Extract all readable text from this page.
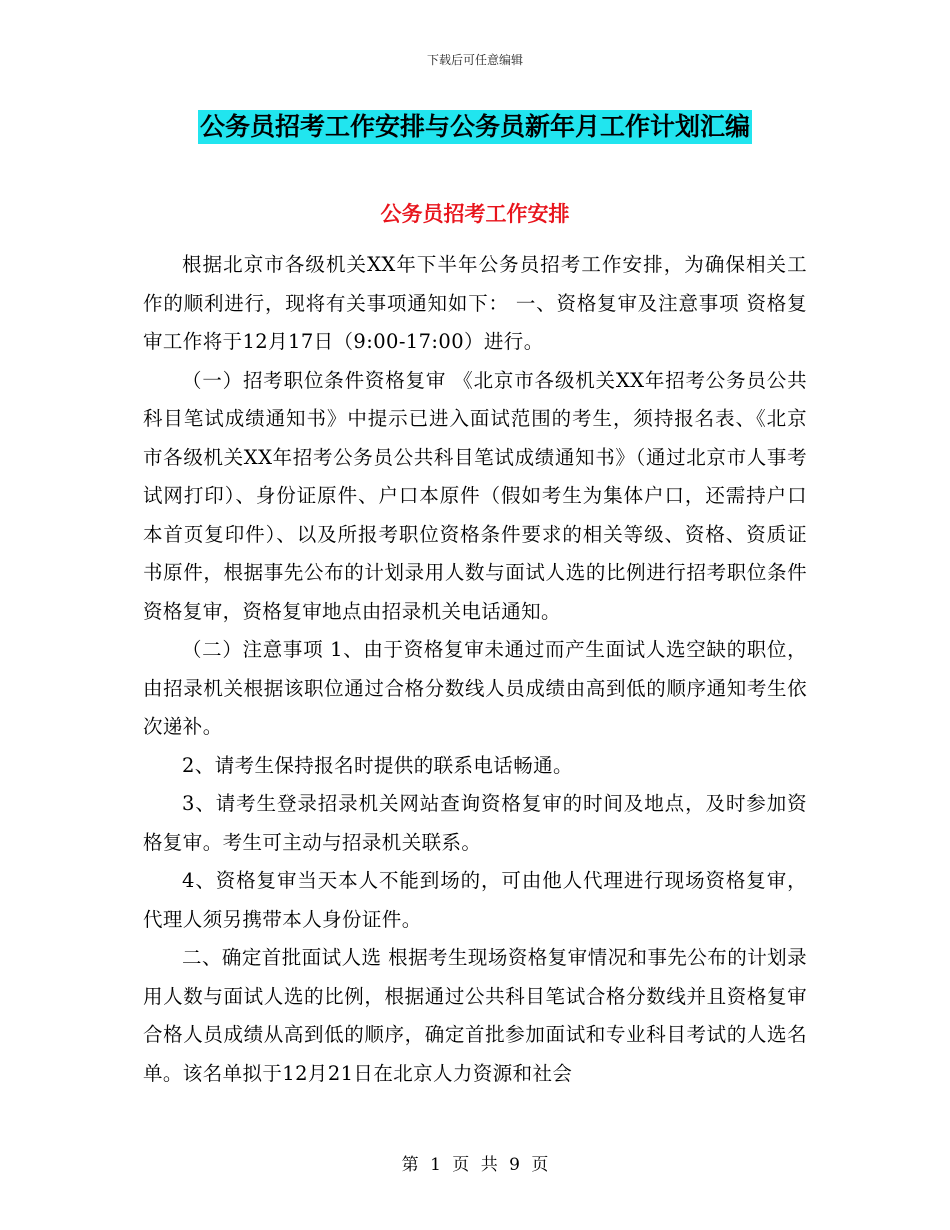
下载后可任意编辑
公务员招考工作安排与公务员新年月工作计划汇编
公务员招考工作安排

根据北京市各级机关XX年下半年公务员招考工作安排，为确保相关工作的顺利进行，现将有关事项通知如下： 一、资格复审及注意事项 资格复审工作将于12月17日（9:00-17:00）进行。

（一）招考职位条件资格复审 《北京市各级机关XX年招考公务员公共科目笔试成绩通知书》中提示已进入面试范围的考生，须持报名表、《北京市各级机关XX年招考公务员公共科目笔试成绩通知书》（通过北京市人事考试网打印）、身份证原件、户口本原件（假如考生为集体户口，还需持户口本首页复印件）、以及所报考职位资格条件要求的相关等级、资格、资质证书原件，根据事先公布的计划录用人数与面试人选的比例进行招考职位条件资格复审，资格复审地点由招录机关电话通知。

（二）注意事项 1、由于资格复审未通过而产生面试人选空缺的职位，由招录机关根据该职位通过合格分数线人员成绩由高到低的顺序通知考生依次递补。

2、请考生保持报名时提供的联系电话畅通。

3、请考生登录招录机关网站查询资格复审的时间及地点，及时参加资格复审。考生可主动与招录机关联系。

4、资格复审当天本人不能到场的，可由他人代理进行现场资格复审，代理人须另携带本人身份证件。

二、确定首批面试人选 根据考生现场资格复审情况和事先公布的计划录用人数与面试人选的比例，根据通过公共科目笔试合格分数线并且资格复审合格人员成绩从高到低的顺序，确定首批参加面试和专业科目考试的人选名单。该名单拟于12月21日在北京人力资源和社会

第 1 页 共 9 页
